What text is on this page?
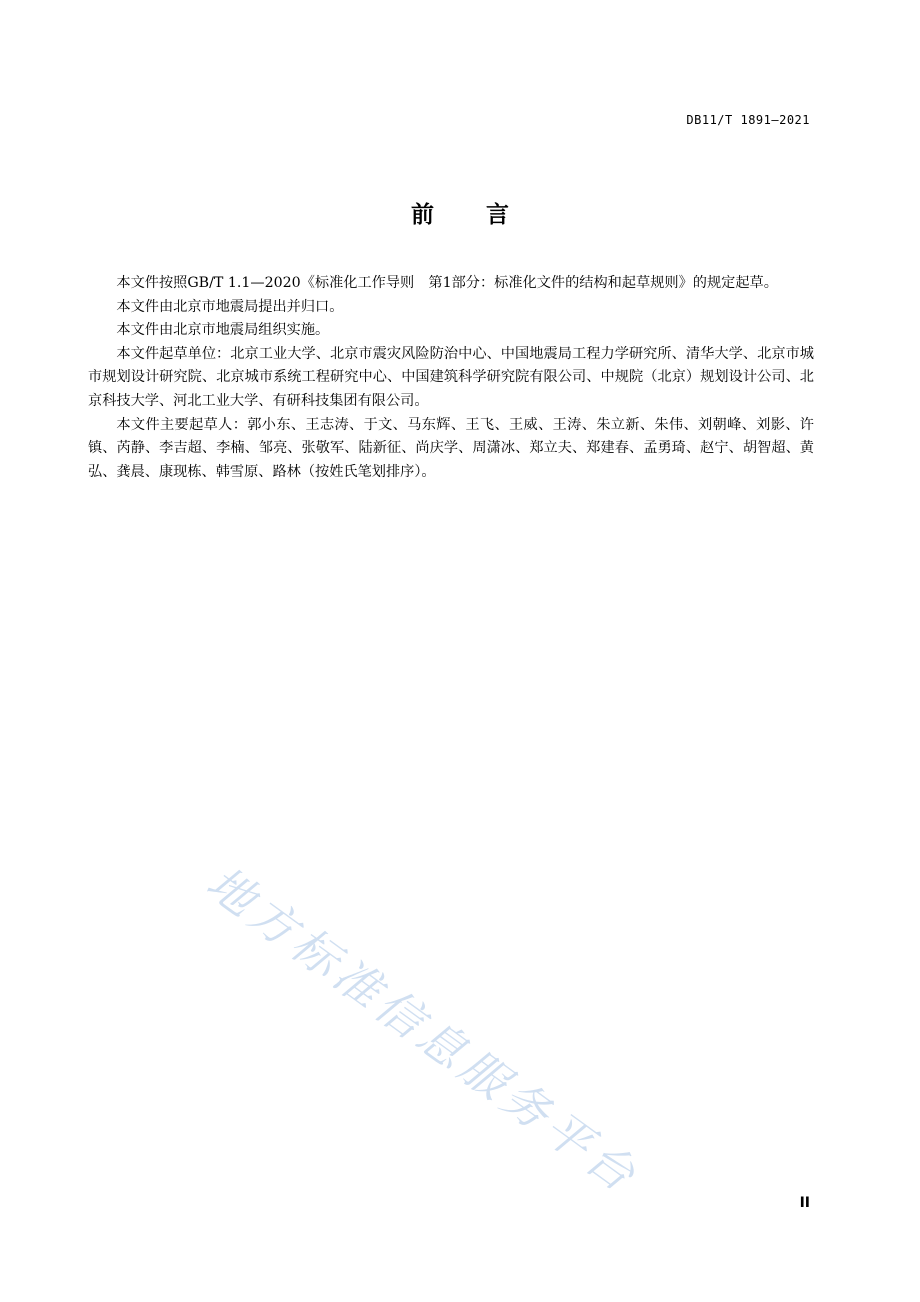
DB11/T 1891—2021
前言

本文件按照GB/T 1.1—2020《标准化工作导则　第1部分：标准化文件的结构和起草规则》的规定起草。

本文件由北京市地震局提出并归口。

本文件由北京市地震局组织实施。

本文件起草单位：北京工业大学、北京市震灾风险防治中心、中国地震局工程力学研究所、清华大学、北京市城市规划设计研究院、北京城市系统工程研究中心、中国建筑科学研究院有限公司、中规院（北京）规划设计公司、北京科技大学、河北工业大学、有研科技集团有限公司。

本文件主要起草人：郭小东、王志涛、于文、马东辉、王飞、王威、王涛、朱立新、朱伟、刘朝峰、刘影、许镇、芮静、李吉超、李楠、邹亮、张敬军、陆新征、尚庆学、周潇冰、郑立夫、郑建春、孟勇琦、赵宁、胡智超、黄弘、龚晨、康现栋、韩雪原、路林（按姓氏笔划排序）。

地方标准信息服务平台	II
